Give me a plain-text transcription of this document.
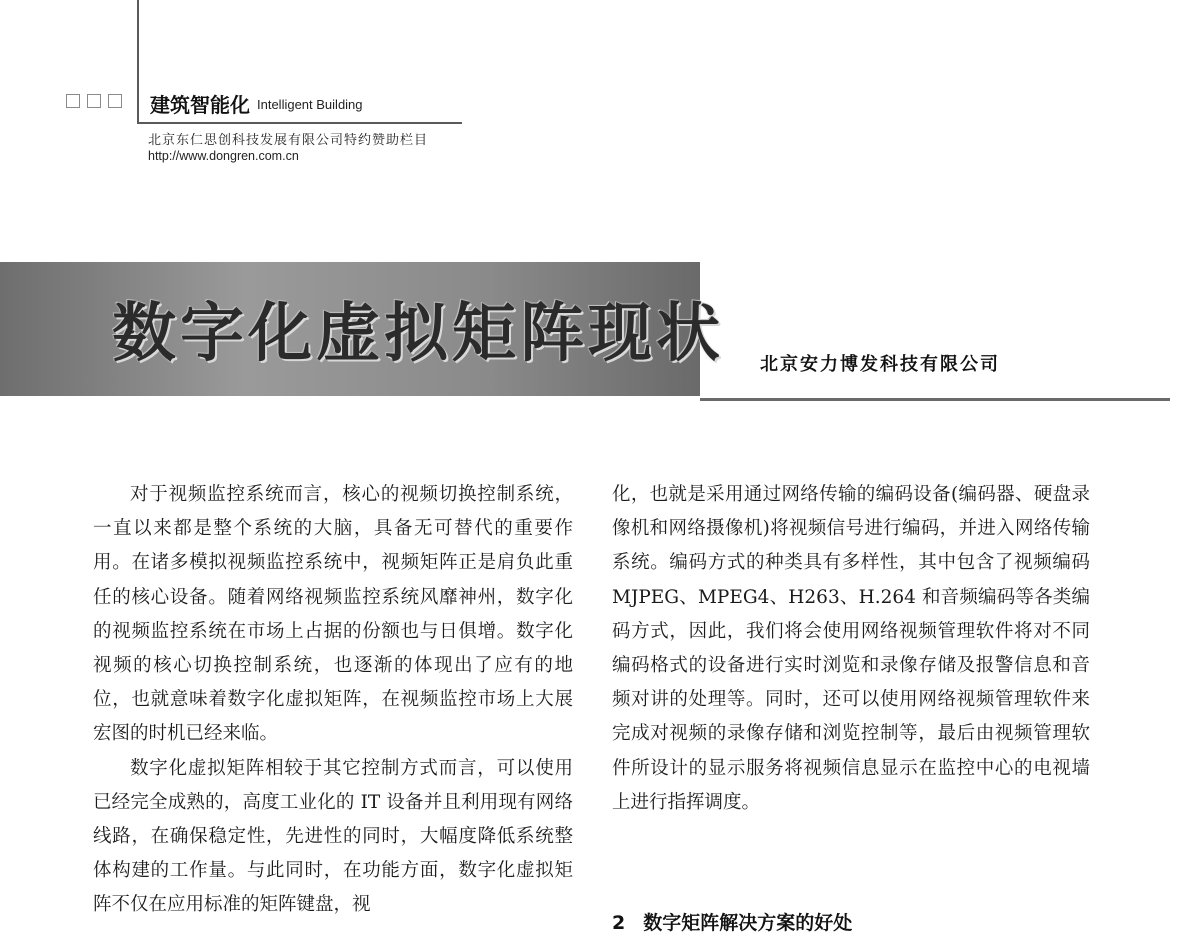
建筑智能化 Intelligent Building
北京东仁思创科技发展有限公司特约赞助栏目
http://www.dongren.com.cn
数字化虚拟矩阵现状 北京安力博发科技有限公司

对于视频监控系统而言，核心的视频切换控制系统，一直以来都是整个系统的大脑，具备无可替代的重要作用。在诸多模拟视频监控系统中，视频矩阵正是肩负此重任的核心设备。随着网络视频监控系统风靡神州，数字化的视频监控系统在市场上占据的份额也与日俱增。数字化视频的核心切换控制系统，也逐渐的体现出了应有的地位，也就意味着数字化虚拟矩阵，在视频监控市场上大展宏图的时机已经来临。

数字化虚拟矩阵相较于其它控制方式而言，可以使用已经完全成熟的，高度工业化的 IT 设备并且利用现有网络线路，在确保稳定性，先进性的同时，大幅度降低系统整体构建的工作量。与此同时，在功能方面，数字化虚拟矩阵不仅在应用标准的矩阵键盘，视

化，也就是采用通过网络传输的编码设备(编码器、硬盘录像机和网络摄像机)将视频信号进行编码，并进入网络传输系统。编码方式的种类具有多样性，其中包含了视频编码 MJPEG、MPEG4、H263、H.264 和音频编码等各类编码方式，因此，我们将会使用网络视频管理软件将对不同编码格式的设备进行实时浏览和录像存储及报警信息和音频对讲的处理等。同时，还可以使用网络视频管理软件来完成对视频的录像存储和浏览控制等，最后由视频管理软件所设计的显示服务将视频信息显示在监控中心的电视墙上进行指挥调度。

2 数字矩阵解决方案的好处
